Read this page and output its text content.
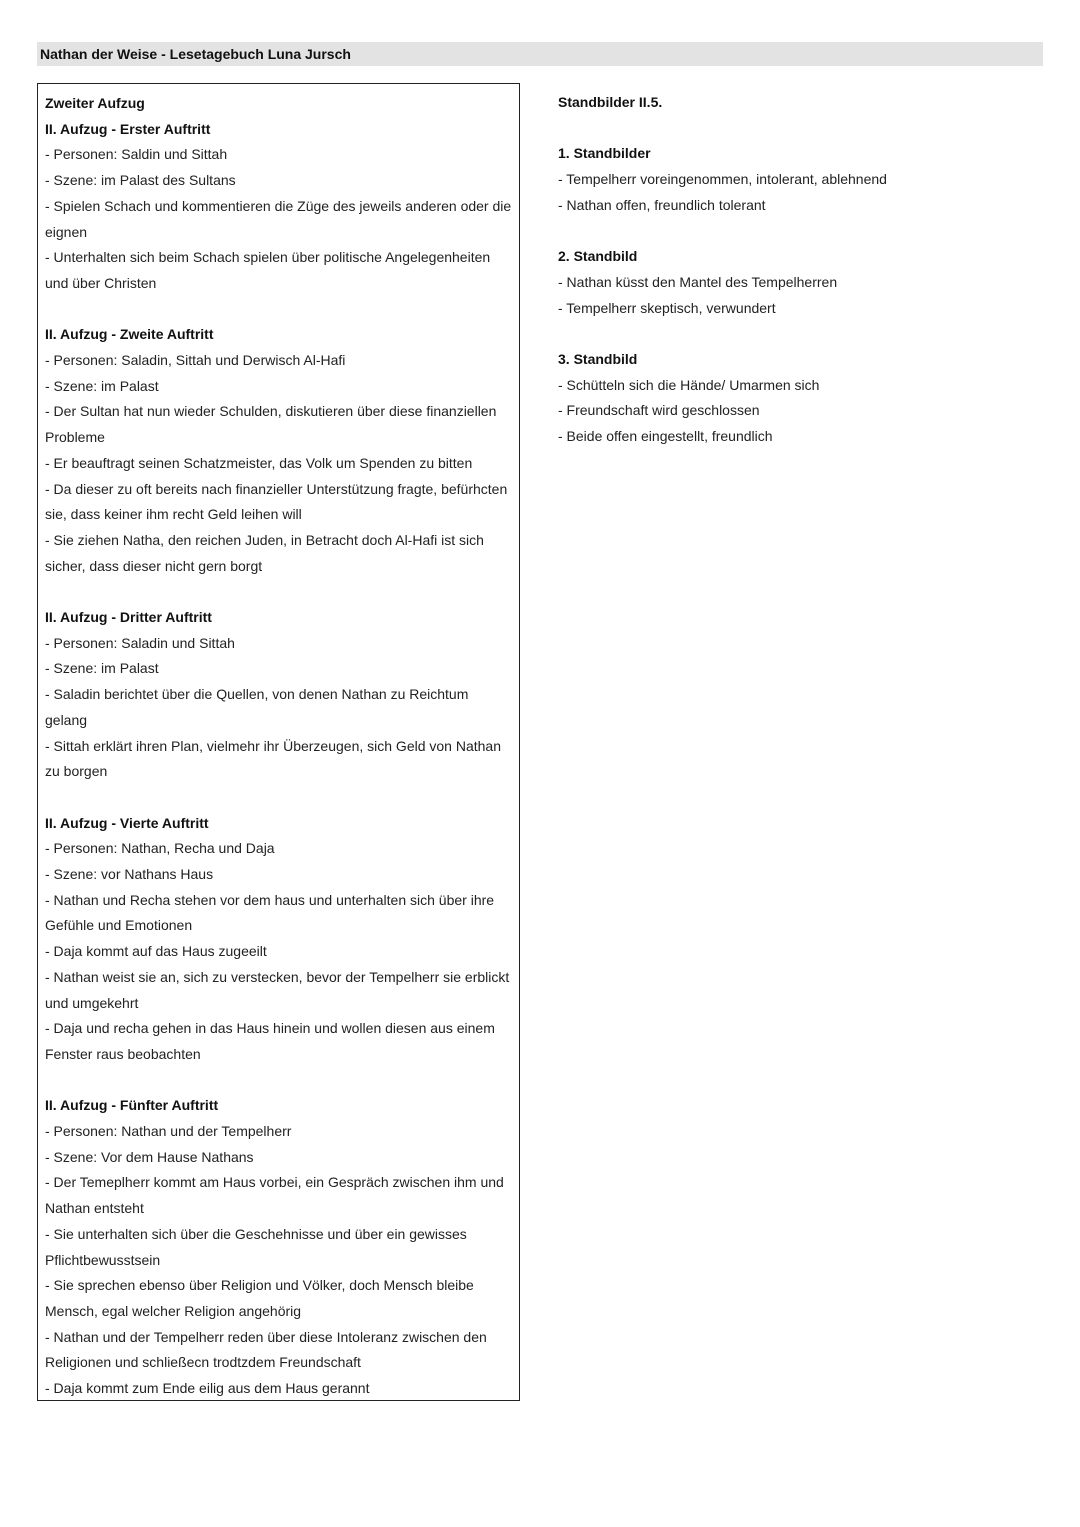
Nathan der Weise - Lesetagebuch Luna Jursch
Zweiter Aufzug
II. Aufzug - Erster Auftritt
- Personen: Saldin und Sittah
- Szene: im Palast des Sultans
- Spielen Schach und kommentieren die Züge des jeweils anderen oder die
eignen
- Unterhalten sich beim Schach spielen über politische Angelegenheiten
und über Christen
II. Aufzug - Zweite Auftritt
- Personen: Saladin, Sittah und Derwisch Al-Hafi
- Szene: im Palast
- Der Sultan hat nun wieder Schulden, diskutieren über diese finanziellen
Probleme
- Er beauftragt seinen Schatzmeister, das Volk um Spenden zu bitten
- Da dieser zu oft bereits nach finanzieller Unterstützung fragte, befürhcten
sie, dass keiner ihm recht Geld leihen will
- Sie ziehen Natha, den reichen Juden, in Betracht doch Al-Hafi ist sich
sicher, dass dieser nicht gern borgt
II. Aufzug - Dritter Auftritt
- Personen: Saladin und Sittah
- Szene: im Palast
- Saladin berichtet über die Quellen, von denen Nathan zu Reichtum
gelang
- Sittah erklärt ihren Plan, vielmehr ihr Überzeugen, sich Geld von Nathan
zu borgen
II. Aufzug - Vierte Auftritt
- Personen: Nathan, Recha und Daja
- Szene: vor Nathans Haus
- Nathan und Recha stehen vor dem haus und unterhalten sich über ihre
Gefühle und Emotionen
- Daja kommt auf das Haus zugeeilt
- Nathan weist sie an, sich zu verstecken, bevor der Tempelherr sie erblickt
und umgekehrt
- Daja und recha gehen in das Haus hinein und wollen diesen aus einem
Fenster raus beobachten
II. Aufzug - Fünfter Auftritt
- Personen: Nathan und der Tempelherr
- Szene: Vor dem Hause Nathans
- Der Temeplherr kommt am Haus vorbei, ein Gespräch zwischen ihm und
Nathan entsteht
- Sie unterhalten sich über die Geschehnisse und über ein gewisses
Pflichtbewusstsein
- Sie sprechen ebenso über Religion und Völker, doch Mensch bleibe
Mensch, egal welcher Religion angehörig
- Nathan und der Tempelherr reden über diese Intoleranz zwischen den
Religionen und schließecn trodtzdem Freundschaft
- Daja kommt zum Ende eilig aus dem Haus gerannt
Standbilder II.5.
1. Standbilder
- Tempelherr voreingenommen, intolerant, ablehnend
- Nathan offen, freundlich tolerant
2. Standbild
- Nathan küsst den Mantel des Tempelherren
- Tempelherr skeptisch, verwundert
3. Standbild
- Schütteln sich die Hände/ Umarmen sich
- Freundschaft wird geschlossen
- Beide offen eingestellt, freundlich
